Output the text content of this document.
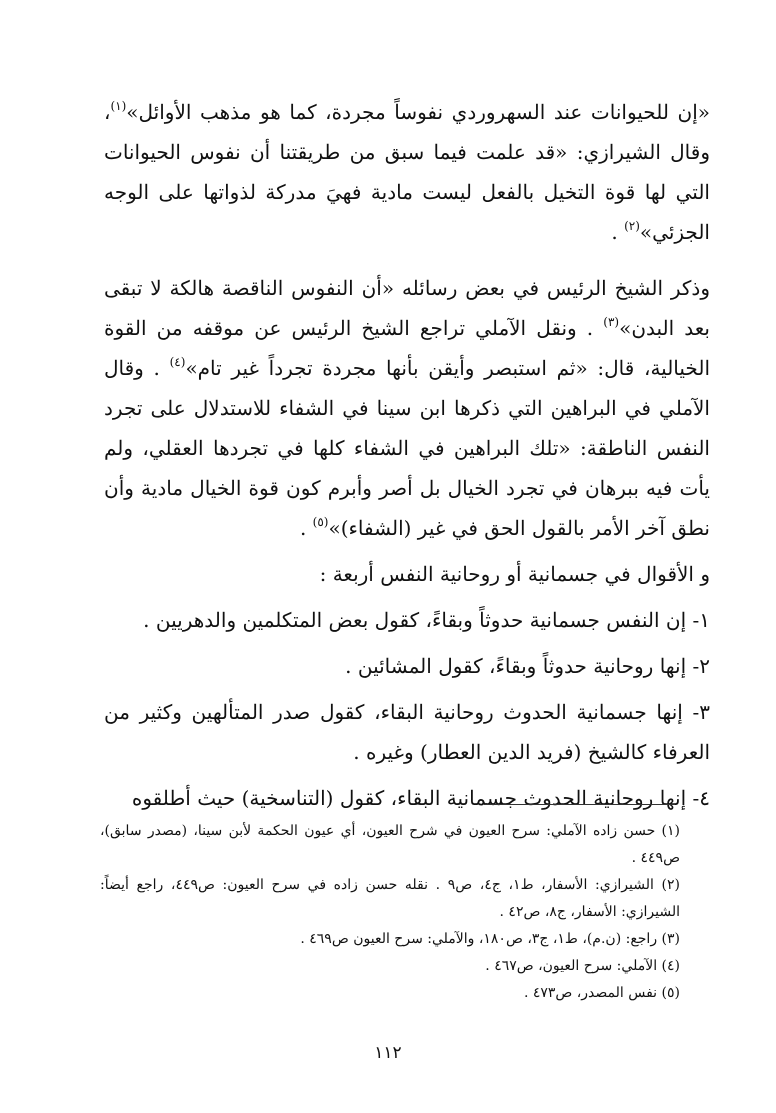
«إن للحيوانات عند السهروردي نفوساً مجردة، كما هو مذهب الأوائل»$^{(١)}$، وقال الشيرازي: «قد علمت فيما سبق من طريقتنا أن نفوس الحيوانات التي لها قوة التخيل بالفعل ليست مادية فهيَ مدركة لذواتها على الوجه الجزئي»$^{(٢)}$ .

وذكر الشيخ الرئيس في بعض رسائله «أن النفوس الناقصة هالكة لا تبقى بعد البدن»$^{(٣)}$ . ونقل الآملي تراجع الشيخ الرئيس عن موقفه من القوة الخيالية، قال: «ثم استبصر وأيقن بأنها مجردة تجرداً غير تام»$^{(٤)}$ . وقال الآملي في البراهين التي ذكرها ابن سينا في الشفاء للاستدلال على تجرد النفس الناطقة: «تلك البراهين في الشفاء كلها في تجردها العقلي، ولم يأت فيه ببرهان في تجرد الخيال بل أصر وأبرم كون قوة الخيال مادية وأن نطق آخر الأمر بالقول الحق في غير (الشفاء)»$^{(٥)}$ .

و الأقوال في جسمانية أو روحانية النفس أربعة :

١- إن النفس جسمانية حدوثاً وبقاءً، كقول بعض المتكلمين والدهريين .

٢- إنها روحانية حدوثاً وبقاءً، كقول المشائين .

٣- إنها جسمانية الحدوث روحانية البقاء، كقول صدر المتألهين وكثير من العرفاء كالشيخ (فريد الدين العطار) وغيره .

٤- إنها روحانية الحدوث جسمانية البقاء، كقول (التناسخية) حيث أطلقوه

(١) حسن زاده الآملي: سرح العيون في شرح العيون، أي عيون الحكمة لأبن سينا، (مصدر سابق)، ص٤٤٩ .

(٢) الشيرازي: الأسفار، ط١، ج٤، ص٩ . نقله حسن زاده في سرح العيون: ص٤٤٩، راجع أيضاً: الشيرازي: الأسفار، ج٨، ص٤٢ .

(٣) راجع: (ن.م)، ط١، ج٣، ص١٨٠، والآملي: سرح العيون ص٤٦٩ .

(٤) الآملي: سرح العيون، ص٤٦٧ .

(٥) نفس المصدر، ص٤٧٣ .

١١٢
